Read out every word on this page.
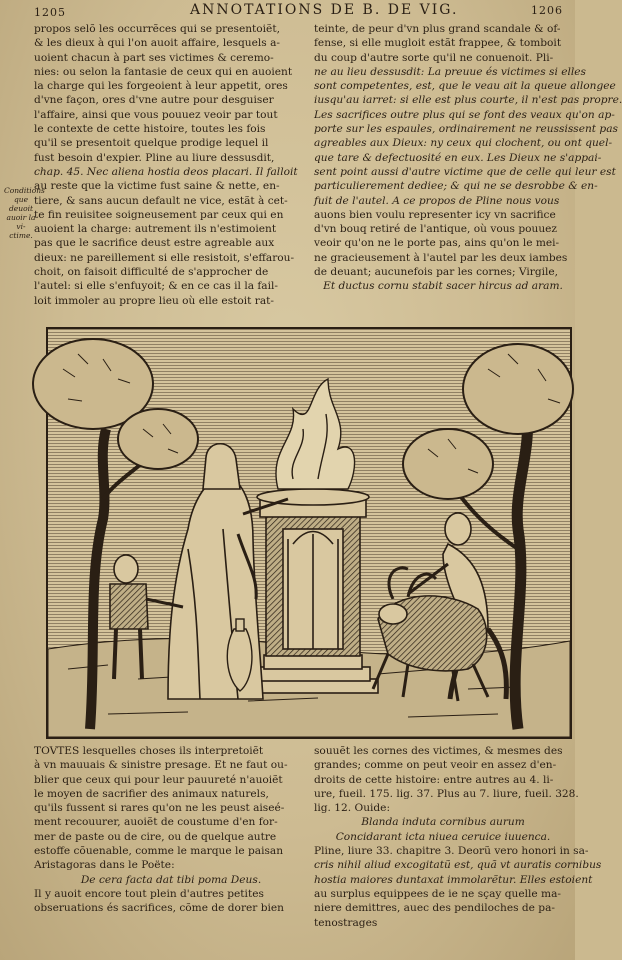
1205	ANNOTATIONS DE B. DE VIG.	1206
Conditions
que deuoit
auoir la vi-
ctime.
propos selõ les occurrẽces qui se presentoiẽt,
& les dieux à qui l'on auoit affaire, lesquels a-
uoient chacun à part ses victimes & ceremo-
nies: ou selon la fantasie de ceux qui en auoient
la charge qui les forgeoient à leur appetit, ores
d'vne façon, ores d'vne autre pour desguiser
l'affaire, ainsi que vous pouuez veoir par tout
le contexte de cette histoire, toutes les fois
qu'il se presentoit quelque prodige lequel il
fust besoin d'expier. Pline au liure dessusdit,
chap. 45. Nec aliena hostia deos placari. Il falloit
au reste que la victime fust saine & nette, en-
tiere, & sans aucun default ne vice, estãt à cet-
te fin reuisitee soigneusement par ceux qui en
auoient la charge: autrement ils n'estimoient
pas que le sacrifice deust estre agreable aux
dieux: ne pareillement si elle resistoit, s'effarou-
choit, on faisoit difficulté de s'approcher de
l'autel: si elle s'enfuyoit; & en ce cas il la fail-
loit immoler au propre lieu où elle estoit rat-
teinte, de peur d'vn plus grand scandale & of-
fense, si elle mugloit estãt frappee, & tomboit
du coup d'autre sorte qu'il ne conuenoit. Pli-
ne au lieu dessusdit: La preuue és victimes si elles
sont competentes, est, que le veau ait la queue allongee
iusqu'au iarret: si elle est plus courte, il n'est pas propre.
Les sacrifices outre plus qui se font des veaux qu'on ap-
porte sur les espaules, ordinairement ne reussissent pas
agreables aux Dieux: ny ceux qui clochent, ou ont quel-
que tare & defectuosité en eux. Les Dieux ne s'appai-
sent point aussi d'autre victime que de celle qui leur est
particulierement dediee; & qui ne se desrobbe & en-
fuit de l'autel. A ce propos de Pline nous vous
auons bien voulu representer icy vn sacrifice
d'vn bouq retiré de l'antique, où vous pouuez
veoir qu'on ne le porte pas, ains qu'on le mei-
ne gracieusement à l'autel par les deux iambes
de deuant; aucunefois par les cornes; Virgile,
Et ductus cornu stabit sacer hircus ad aram.
TOVTES lesquelles choses ils interpretoiẽt
à vn mauuais & sinistre presage. Et ne faut ou-
blier que ceux qui pour leur pauureté n'auoiẽt
le moyen de sacrifier des animaux naturels,
qu'ils fussent si rares qu'on ne les peust aiseé-
ment recouurer, auoiẽt de coustume d'en for-
mer de paste ou de cire, ou de quelque autre
estoffe cõuenable, comme le marque le paisan
Aristagoras dans le Poëte:
De cera facta dat tibi poma Deus.
Il y auoit encore tout plein d'autres petites
obseruations és sacrifices, cõme de dorer bien
souuẽt les cornes des victimes, & mesmes des
grandes; comme on peut veoir en assez d'en-
droits de cette histoire: entre autres au 4. li-
ure, fueil. 175. lig. 37. Plus au 7. liure, fueil. 328.
lig. 12. Ouide:
Blanda induta cornibus aurum
Concidarant icta niuea ceruice iuuenca.
Pline, liure 33. chapitre 3. Deorũ vero honori in sa-
cris nihil aliud excogitatũ est, quã vt auratis cornibus
hostia maiores duntaxat immolarẽtur. Elles estoient
au surplus equippees de ie ne sçay quelle ma-
niere demittres, auec des pendiloches de pa-
tenostrages
